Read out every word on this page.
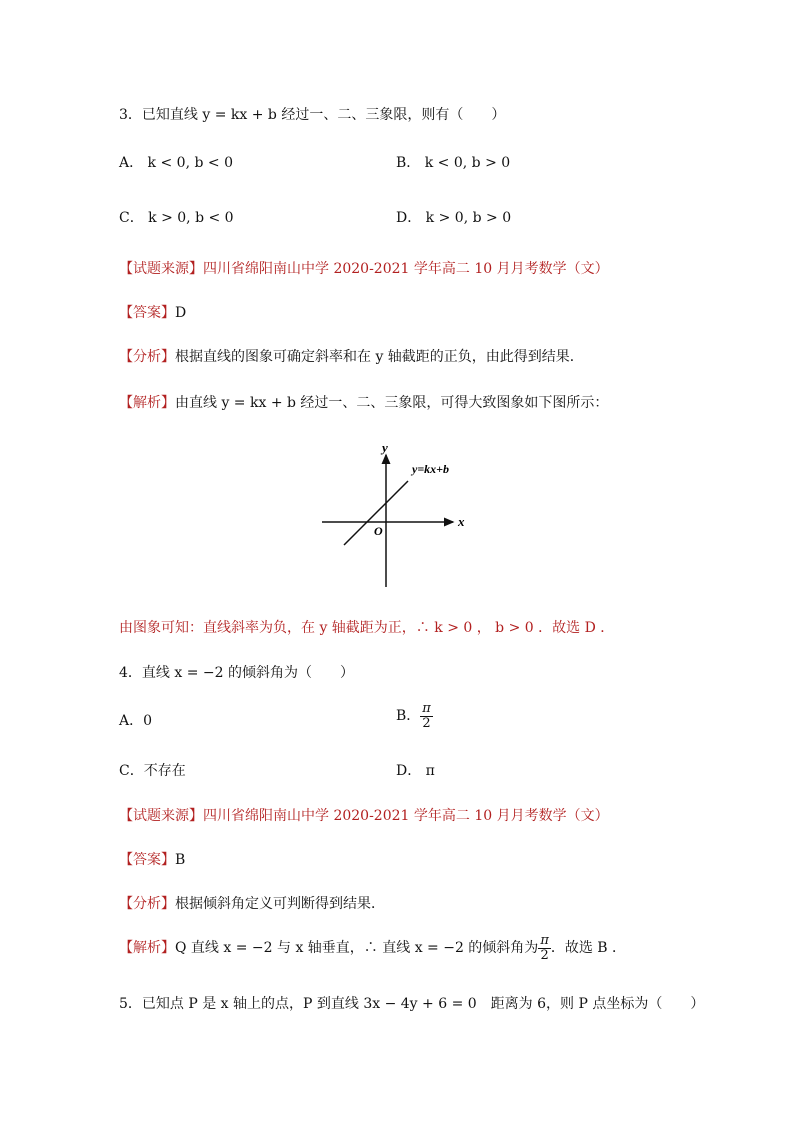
3．已知直线 y = kx + b 经过一、二、三象限，则有（　　）
A． k < 0, b < 0	B． k < 0, b > 0
C． k > 0, b < 0	D． k > 0, b > 0
【试题来源】四川省绵阳南山中学 2020-2021 学年高二 10 月月考数学（文）
【答案】D
【分析】根据直线的图象可确定斜率和在 y 轴截距的正负，由此得到结果．
【解析】由直线 y = kx + b 经过一、二、三象限，可得大致图象如下图所示：
y
x
O
y=kx+b
由图象可知：直线斜率为负，在 y 轴截距为正，∴ k > 0 ， b > 0 ．故选 D ．
4．直线 x = −2 的倾斜角为（　　）
A．0	B． $\frac{\pi}{2}$
C．不存在	D． π
【试题来源】四川省绵阳南山中学 2020-2021 学年高二 10 月月考数学（文）
【答案】B
【分析】根据倾斜角定义可判断得到结果．
【解析】Q 直线 x = −2 与 x 轴垂直，∴ 直线 x = −2 的倾斜角为 $\frac{\pi}{2}$ ．故选 B ．
5．已知点 P 是 x 轴上的点，P 到直线 3x − 4y + 6 = 0　距离为 6，则 P 点坐标为（　　）
